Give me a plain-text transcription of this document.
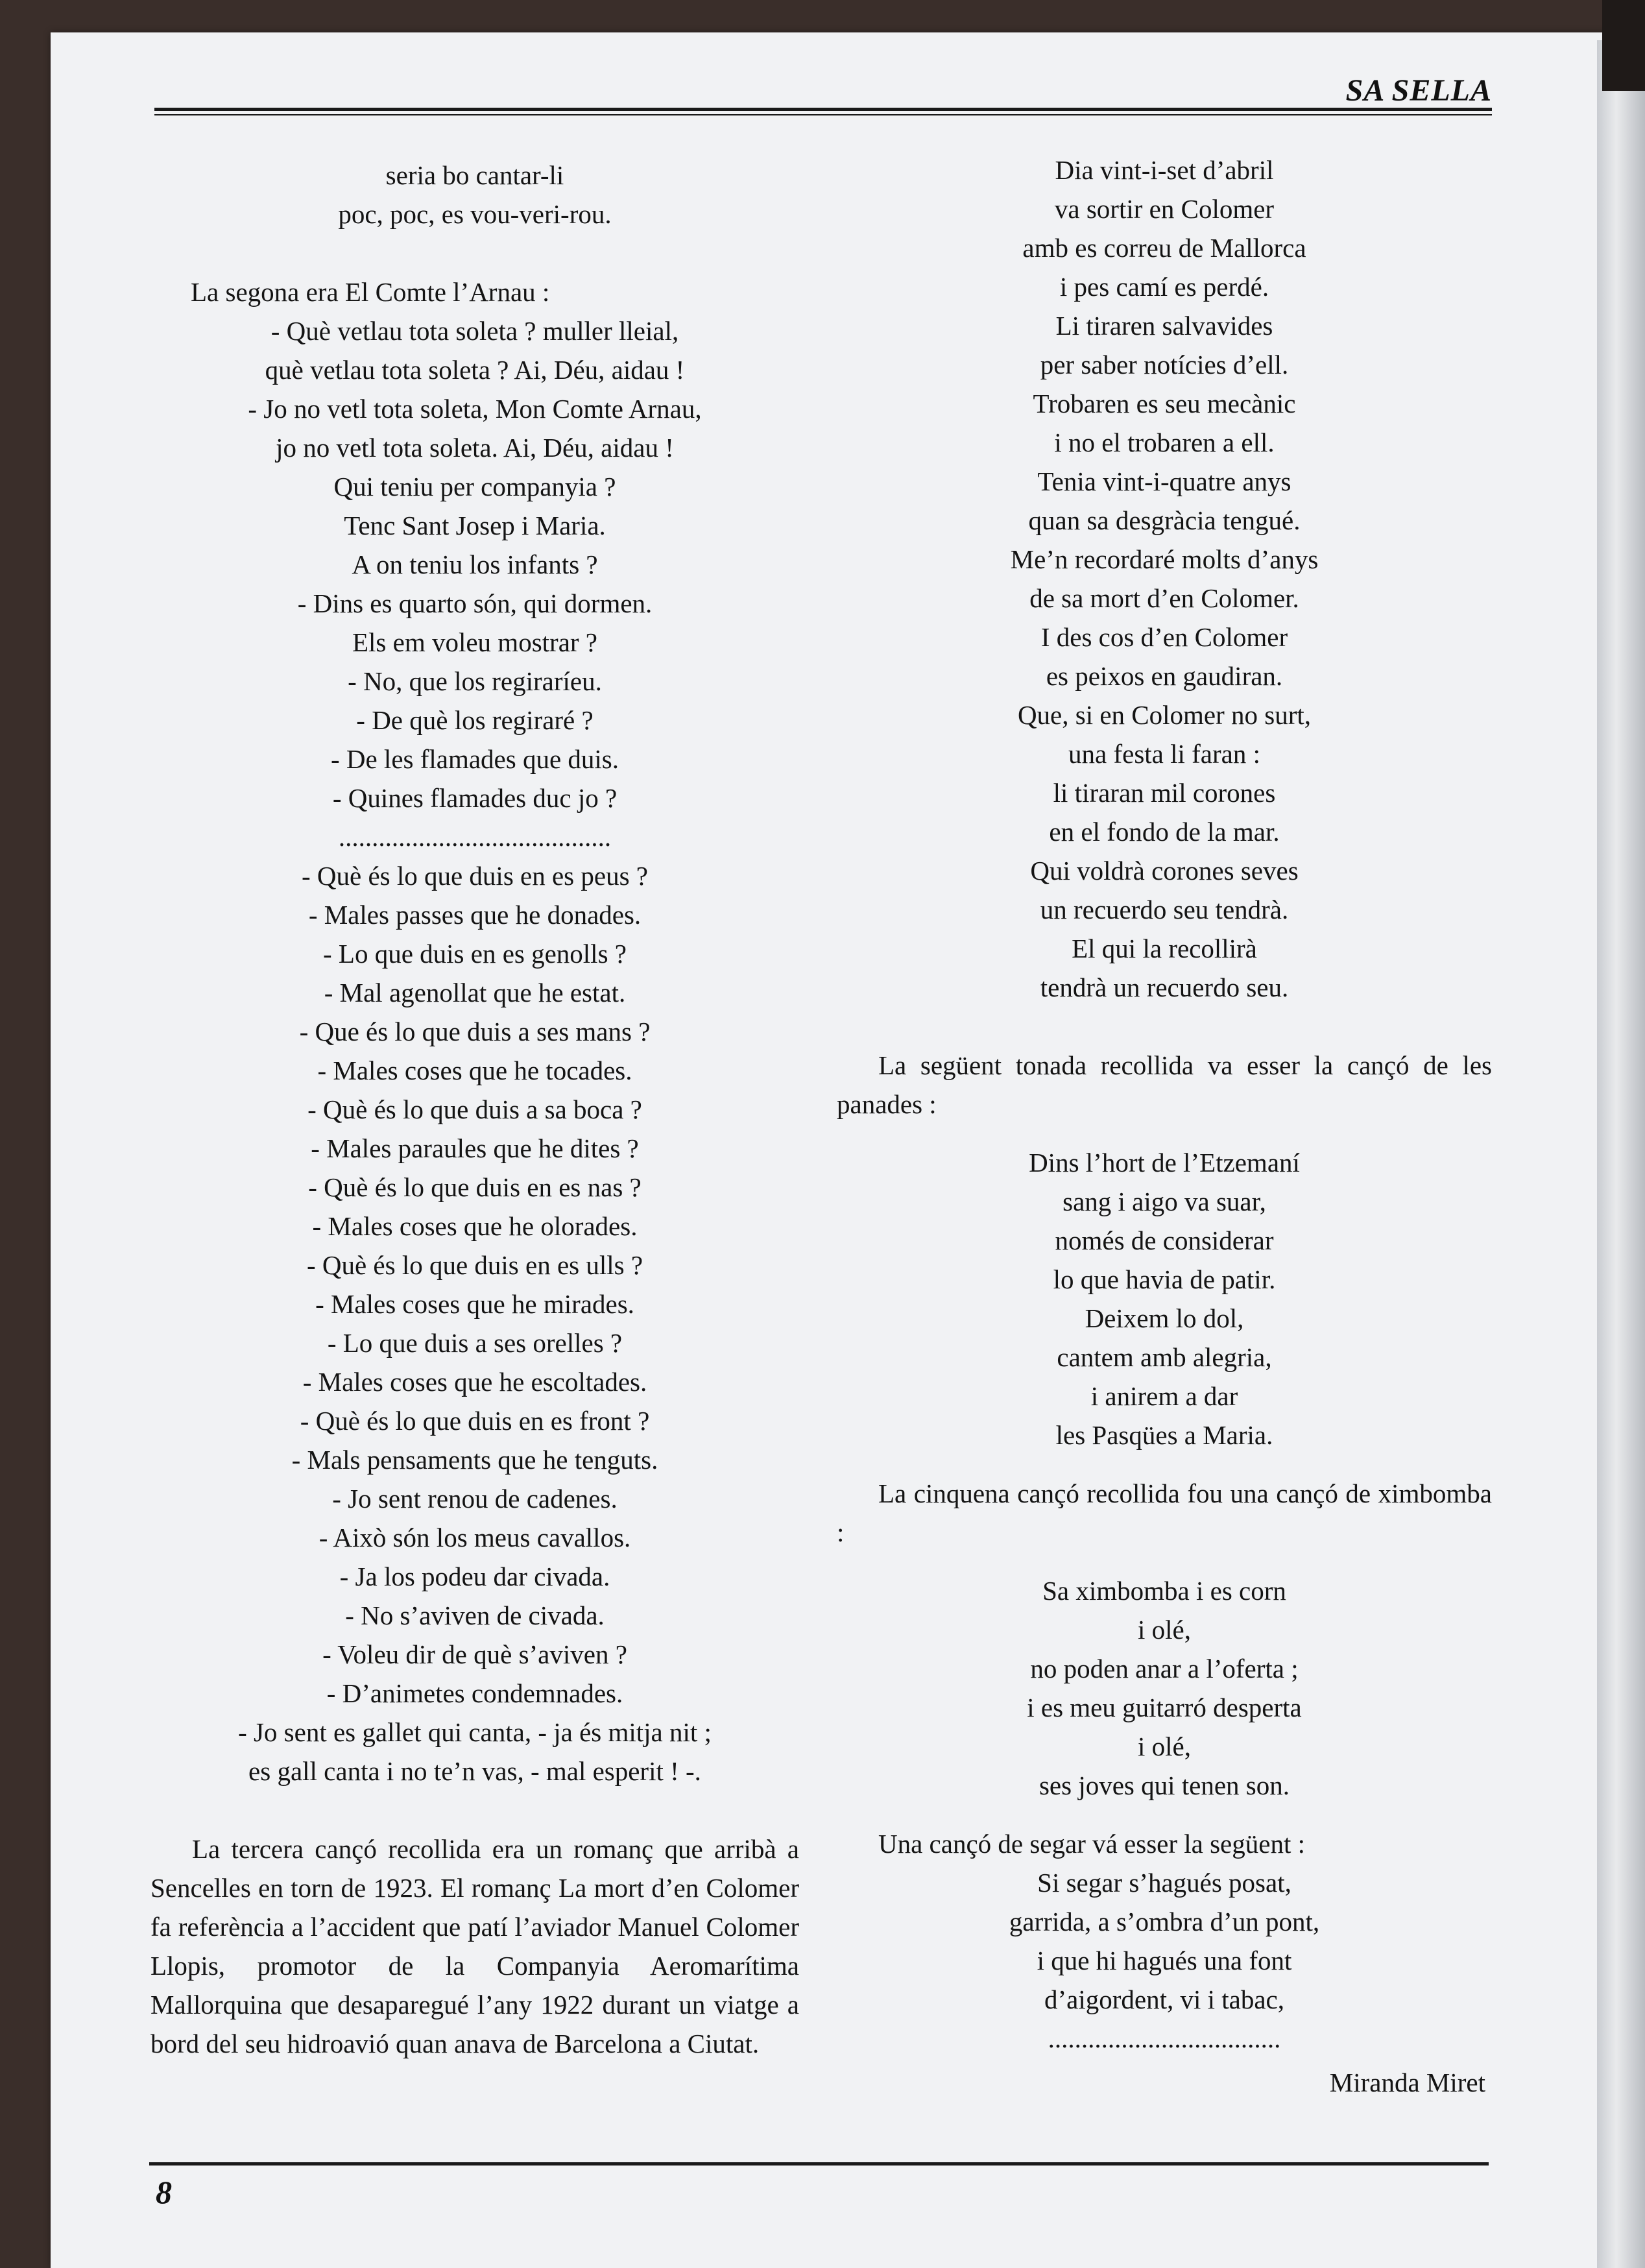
SA SELLA
seria bo cantar-li
poc, poc, es vou-veri-rou.
La segona era El Comte l’Arnau :
- Què vetlau tota soleta ? muller lleial,
què vetlau tota soleta ? Ai, Déu, aidau !
- Jo no vetl tota soleta, Mon Comte Arnau,
jo no vetl tota soleta. Ai, Déu, aidau !
Qui teniu per companyia ?
Tenc Sant Josep i Maria.
A on teniu los infants ?
- Dins es quarto són, qui dormen.
Els em voleu mostrar ?
- No, que los regiraríeu.
- De què los regiraré ?
- De les flamades que duis.
- Quines flamades duc jo ?
.........................................
- Què és lo que duis en es peus ?
- Males passes que he donades.
- Lo que duis en es genolls ?
- Mal agenollat que he estat.
- Que és lo que duis a ses mans ?
- Males coses que he tocades.
- Què és lo que duis a sa boca ?
- Males paraules que he dites ?
- Què és lo que duis en es nas ?
- Males coses que he olorades.
- Què és lo que duis en es ulls ?
- Males coses que he mirades.
- Lo que duis a ses orelles ?
- Males coses que he escoltades.
- Què és lo que duis en es front ?
- Mals pensaments que he tenguts.
- Jo sent renou de cadenes.
- Això són los meus cavallos.
- Ja los podeu dar civada.
- No s’aviven de civada.
- Voleu dir de què s’aviven ?
- D’animetes condemnades.
- Jo sent es gallet qui canta, - ja és mitja nit ;
es gall canta i no te’n vas, - mal esperit ! -.
La tercera cançó recollida era un romanç que arribà a Sencelles en torn de 1923. El romanç La mort d’en Colomer fa referència a l’accident que patí l’aviador Manuel Colomer Llopis, promotor de la Companyia Aeromarítima Mallorquina que desaparegué l’any 1922 durant un viatge a bord del seu hidroavió quan anava de Barcelona a Ciutat.
Dia vint-i-set d’abril
va sortir en Colomer
amb es correu de Mallorca
i pes camí es perdé.
Li tiraren salvavides
per saber notícies d’ell.
Trobaren es seu mecànic
i no el trobaren a ell.
Tenia vint-i-quatre anys
quan sa desgràcia tengué.
Me’n recordaré molts d’anys
de sa mort d’en Colomer.
I des cos d’en Colomer
es peixos en gaudiran.
Que, si en Colomer no surt,
una festa li faran :
li tiraran mil corones
en el fondo de la mar.
Qui voldrà corones seves
un recuerdo seu tendrà.
El qui la recollirà
tendrà un recuerdo seu.
La següent tonada recollida va esser la cançó de les panades :
Dins l’hort de l’Etzemaní
sang i aigo va suar,
només de considerar
lo que havia de patir.
Deixem lo dol,
cantem amb alegria,
i anirem a dar
les Pasqües a Maria.
La cinquena cançó recollida fou una cançó de ximbomba :
Sa ximbomba i es corn
i olé,
no poden anar a l’oferta ;
i es meu guitarró desperta
i olé,
ses joves qui tenen son.
Una cançó de segar vá esser la següent :
Si segar s’hagués posat,
garrida, a s’ombra d’un pont,
i que hi hagués una font
d’aigordent, vi i tabac,
...................................
Miranda Miret
8
